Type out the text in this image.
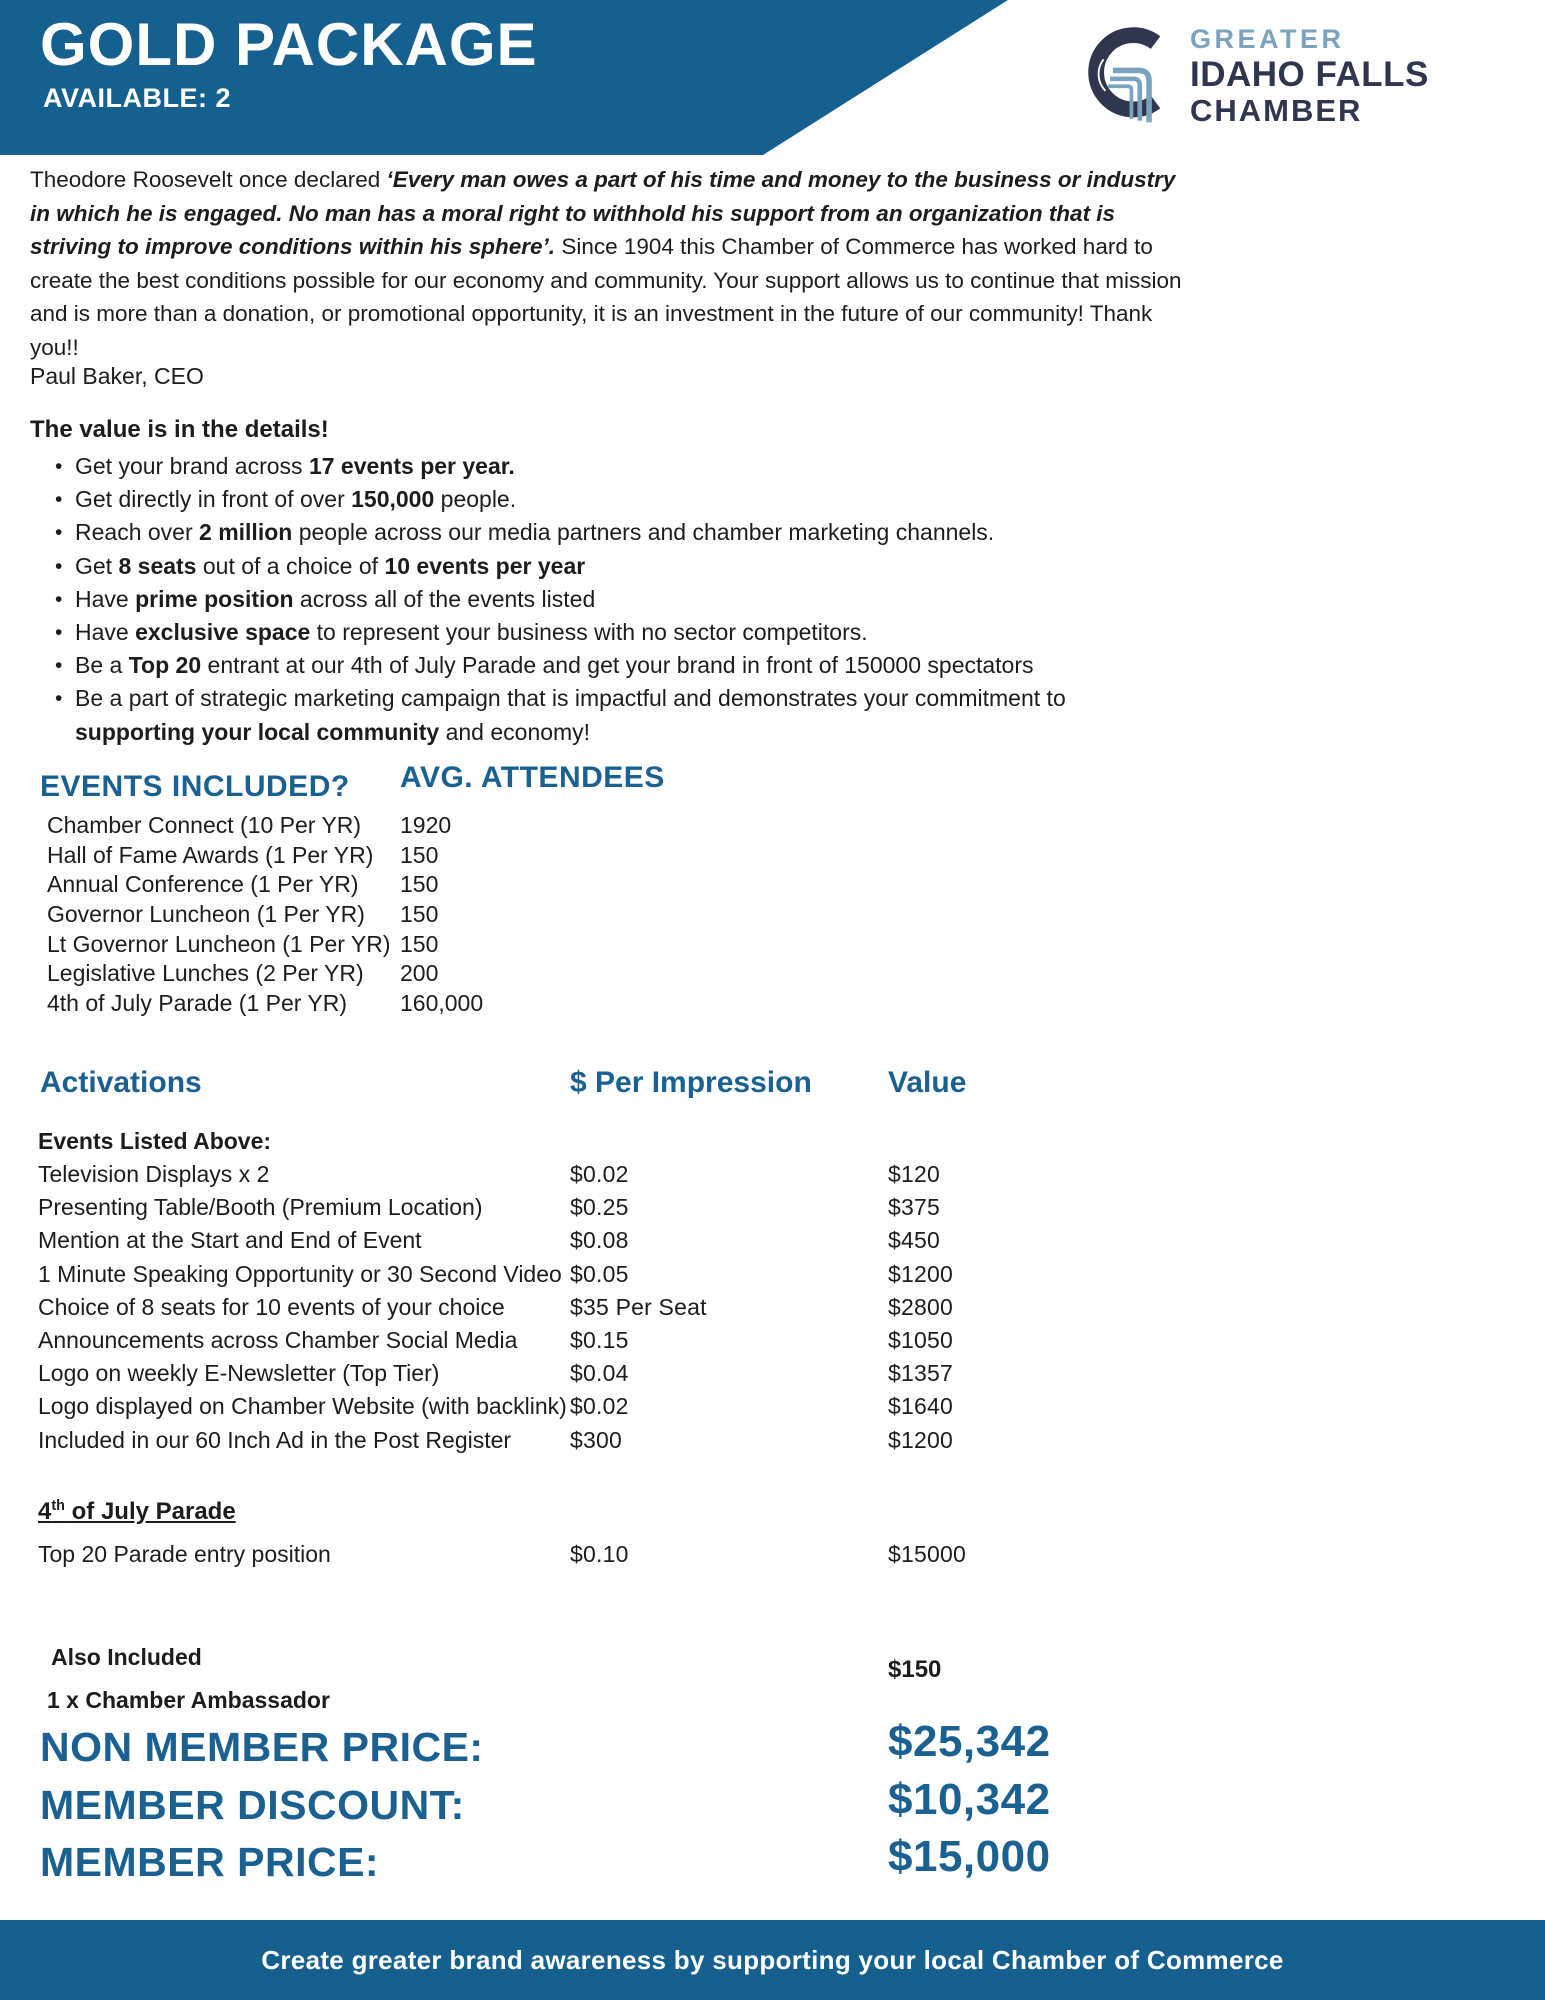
GOLD PACKAGE
AVAILABLE: 2
GREATER
IDAHO FALLS
CHAMBER

Theodore Roosevelt once declared ‘Every man owes a part of his time and money to the business or industry in which he is engaged. No man has a moral right to withhold his support from an organization that is striving to improve conditions within his sphere’. Since 1904 this Chamber of Commerce has worked hard to create the best conditions possible for our economy and community. Your support allows us to continue that mission and is more than a donation, or promotional opportunity, it is an investment in the future of our community! Thank you!!

Paul Baker, CEO

The value is in the details!

• Get your brand across 17 events per year.
• Get directly in front of over 150,000 people.
• Reach over 2 million people across our media partners and chamber marketing channels.
• Get 8 seats out of a choice of 10 events per year
• Have prime position across all of the events listed
• Have exclusive space to represent your business with no sector competitors.
• Be a Top 20 entrant at our 4th of July Parade and get your brand in front of 150000 spectators
• Be a part of strategic marketing campaign that is impactful and demonstrates your commitment to supporting your local community and economy!
EVENTS INCLUDED? AVG. ATTENDEES
Chamber Connect (10 Per YR)	1920
Hall of Fame Awards (1 Per YR)	150
Annual Conference (1 Per YR)	150
Governor Luncheon (1 Per YR)	150
Lt Governor Luncheon (1 Per YR) 150
Legislative Lunches (2 Per YR)	200
4th of July Parade (1 Per YR)	160,000
Activations	$ Per Impression	Value
Events Listed Above:
Television Displays x 2	$0.02	$120
Presenting Table/Booth (Premium Location)	$0.25	$375
Mention at the Start and End of Event	$0.08	$450
1 Minute Speaking Opportunity or 30 Second Video $0.05	$1200
Choice of 8 seats for 10 events of your choice	$35 Per Seat	$2800
Announcements across Chamber Social Media	$0.15	$1050
Logo on weekly E-Newsletter (Top Tier)	$0.04	$1357
Logo displayed on Chamber Website (with backlink) $0.02	$1640
Included in our 60 Inch Ad in the Post Register	$300	$1200
4th of July Parade
Top 20 Parade entry position	$0.10	$15000
Also Included
1 x Chamber Ambassador
$150
NON MEMBER PRICE:	$25,342
MEMBER DISCOUNT:	$10,342
MEMBER PRICE:	$15,000
Create greater brand awareness by supporting your local Chamber of Commerce
